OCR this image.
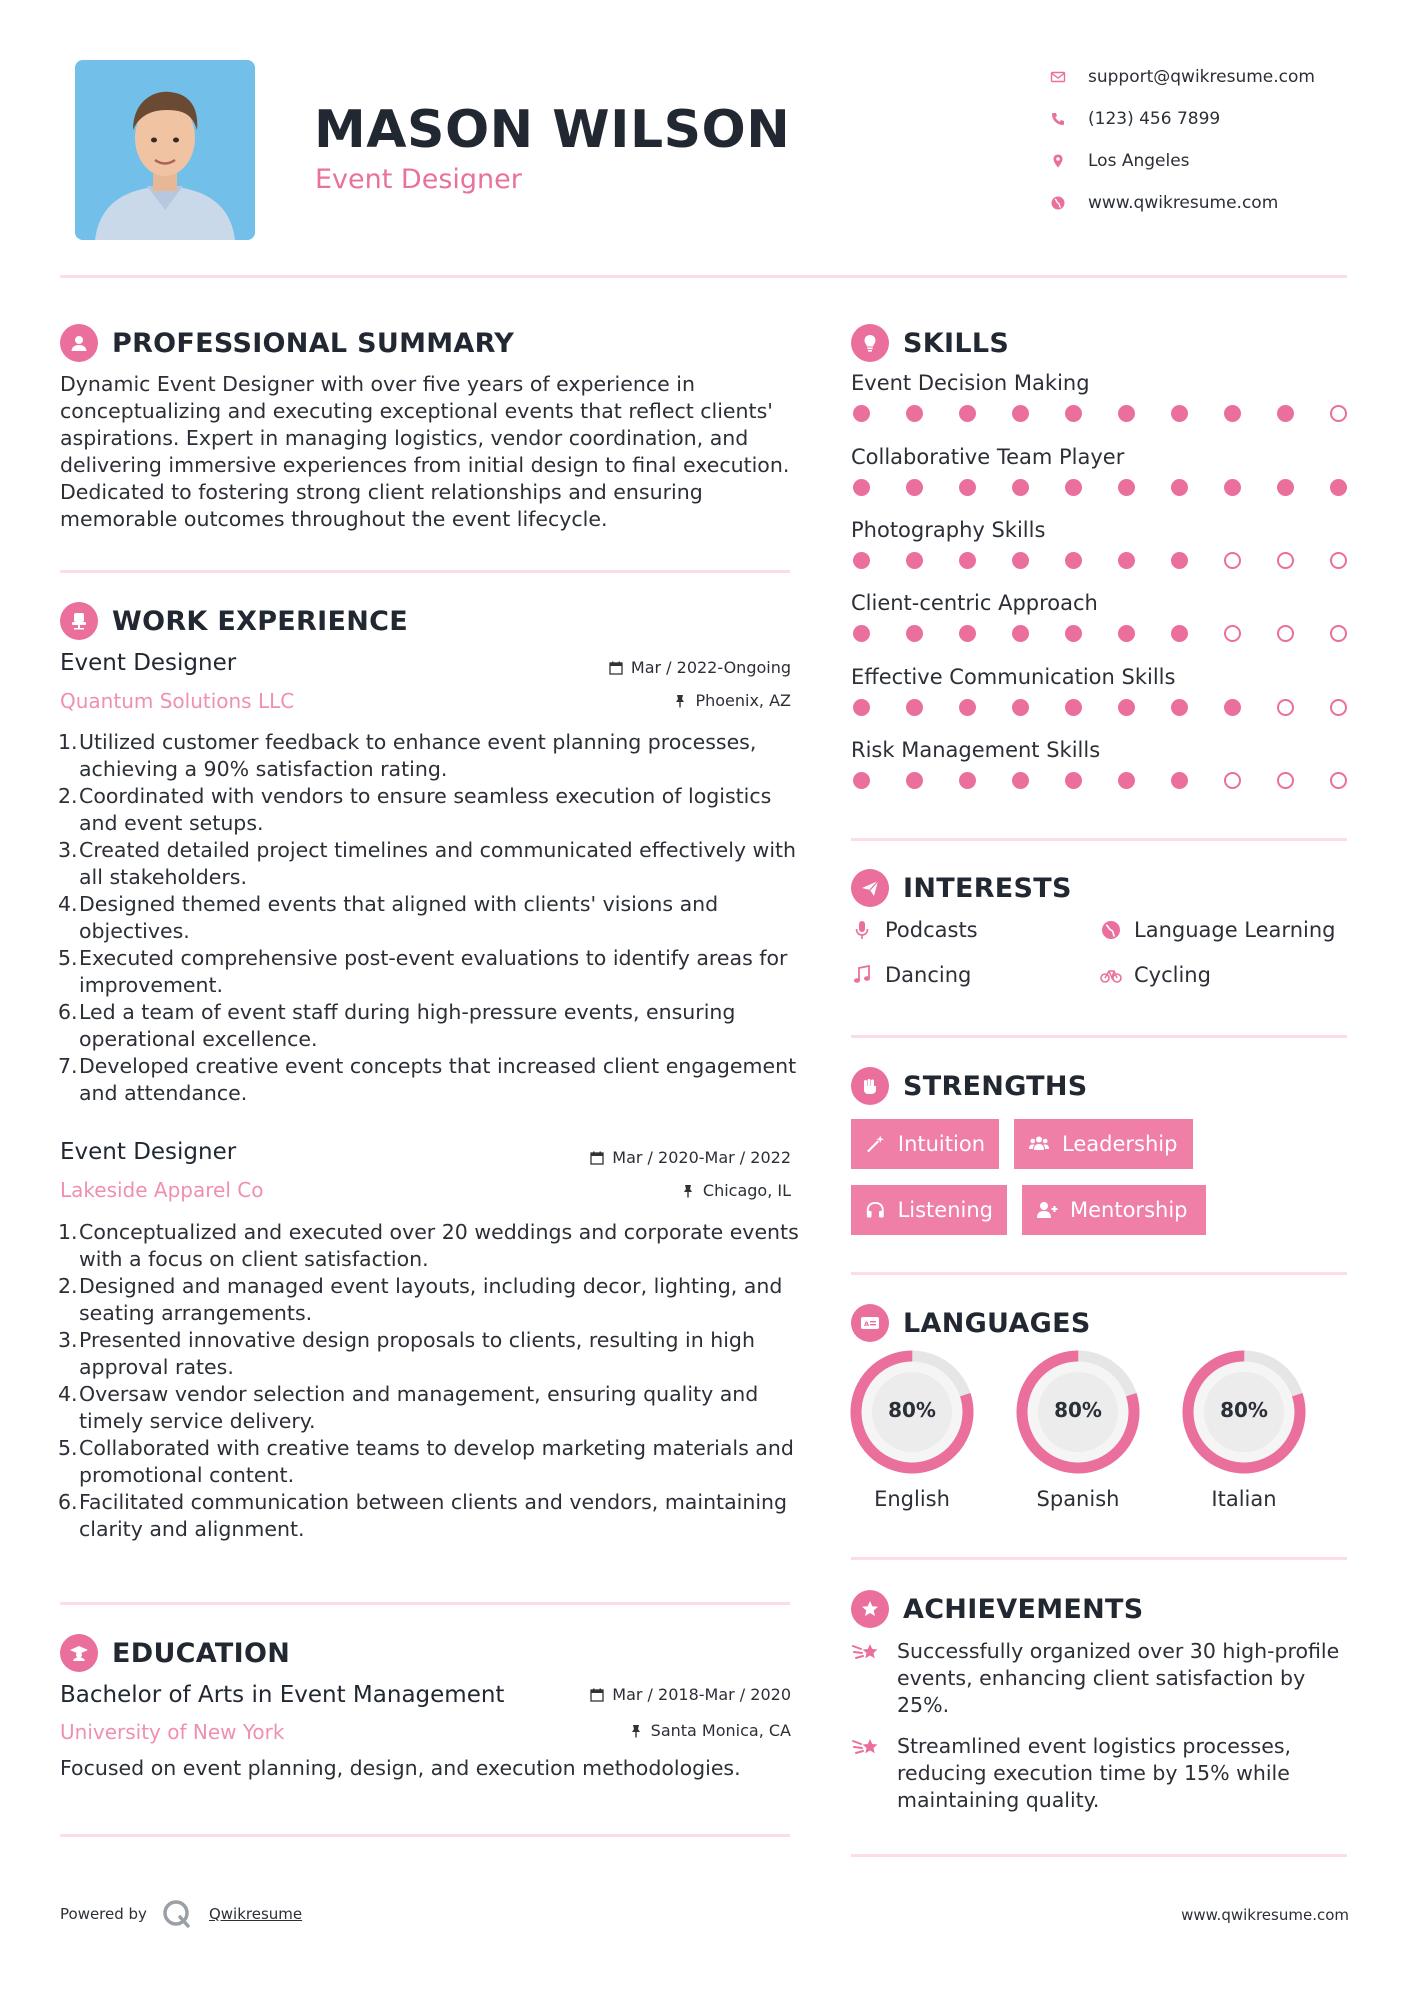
MASON WILSON
Event Designer
support@qwikresume.com
(123) 456 7899
Los Angeles
www.qwikresume.com
PROFESSIONAL SUMMARY
Dynamic Event Designer with over five years of experience in conceptualizing and executing exceptional events that reflect clients' aspirations. Expert in managing logistics, vendor coordination, and delivering immersive experiences from initial design to final execution. Dedicated to fostering strong client relationships and ensuring memorable outcomes throughout the event lifecycle.
WORK EXPERIENCE
Event Designer	Mar / 2022-Ongoing
Quantum Solutions LLC	Phoenix, AZ
1. Utilized customer feedback to enhance event planning processes, achieving a 90% satisfaction rating.
2. Coordinated with vendors to ensure seamless execution of logistics and event setups.
3. Created detailed project timelines and communicated effectively with all stakeholders.
4. Designed themed events that aligned with clients' visions and objectives.
5. Executed comprehensive post-event evaluations to identify areas for improvement.
6. Led a team of event staff during high-pressure events, ensuring operational excellence.
7. Developed creative event concepts that increased client engagement and attendance.
Event Designer	Mar / 2020-Mar / 2022
Lakeside Apparel Co	Chicago, IL
1. Conceptualized and executed over 20 weddings and corporate events with a focus on client satisfaction.
2. Designed and managed event layouts, including decor, lighting, and seating arrangements.
3. Presented innovative design proposals to clients, resulting in high approval rates.
4. Oversaw vendor selection and management, ensuring quality and timely service delivery.
5. Collaborated with creative teams to develop marketing materials and promotional content.
6. Facilitated communication between clients and vendors, maintaining clarity and alignment.
EDUCATION
Bachelor of Arts in Event Management	Mar / 2018-Mar / 2020
University of New York	Santa Monica, CA
Focused on event planning, design, and execution methodologies.
SKILLS
Event Decision Making
Collaborative Team Player
Photography Skills
Client-centric Approach
Effective Communication Skills
Risk Management Skills
INTERESTS
Podcasts	Language Learning
Dancing	Cycling
STRENGTHS
Intuition	Leadership
Listening	Mentorship
A LANGUAGES
80%	80%	80%
English	Spanish	Italian
ACHIEVEMENTS
Successfully organized over 30 high-profile events, enhancing client satisfaction by 25%.
Streamlined event logistics processes, reducing execution time by 15% while maintaining quality.
Powered by	Qwikresume	www.qwikresume.com
